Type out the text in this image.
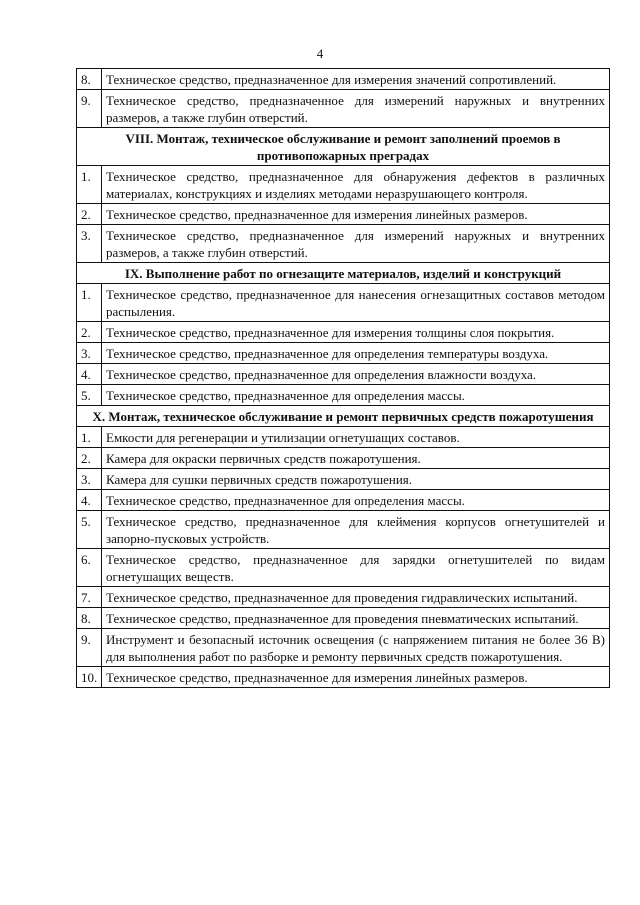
4
8.	Техническое средство, предназначенное для измерения значений сопротивлений.
9.	Техническое средство, предназначенное для измерений наружных и внутренних размеров, а также глубин отверстий.
VIII. Монтаж, техническое обслуживание и ремонт заполнений проемов в противопожарных преградах	
1.	Техническое средство, предназначенное для обнаружения дефектов в различных материалах, конструкциях и изделиях методами неразрушающего контроля.
2.	Техническое средство, предназначенное для измерения линейных размеров.
3.	Техническое средство, предназначенное для измерений наружных и внутренних размеров, а также глубин отверстий.
IX. Выполнение работ по огнезащите материалов, изделий и конструкций	
1.	Техническое средство, предназначенное для нанесения огнезащитных составов методом распыления.
2.	Техническое средство, предназначенное для измерения толщины слоя покрытия.
3.	Техническое средство, предназначенное для определения температуры воздуха.
4.	Техническое средство, предназначенное для определения влажности воздуха.
5.	Техническое средство, предназначенное для определения массы.
X. Монтаж, техническое обслуживание и ремонт первичных средств пожаротушения	
1.	Емкости для регенерации и утилизации огнетушащих составов.
2.	Камера для окраски первичных средств пожаротушения.
3.	Камера для сушки первичных средств пожаротушения.
4.	Техническое средство, предназначенное для определения массы.
5.	Техническое средство, предназначенное для клеймения корпусов огнетушителей и запорно-пусковых устройств.
6.	Техническое средство, предназначенное для зарядки огнетушителей по видам огнетушащих веществ.
7.	Техническое средство, предназначенное для проведения гидравлических испытаний.
8.	Техническое средство, предназначенное для проведения пневматических испытаний.
9.	Инструмент и безопасный источник освещения (с напряжением питания не более 36 В) для выполнения работ по разборке и ремонту первичных средств пожаротушения.
10.	Техническое средство, предназначенное для измерения линейных размеров.
